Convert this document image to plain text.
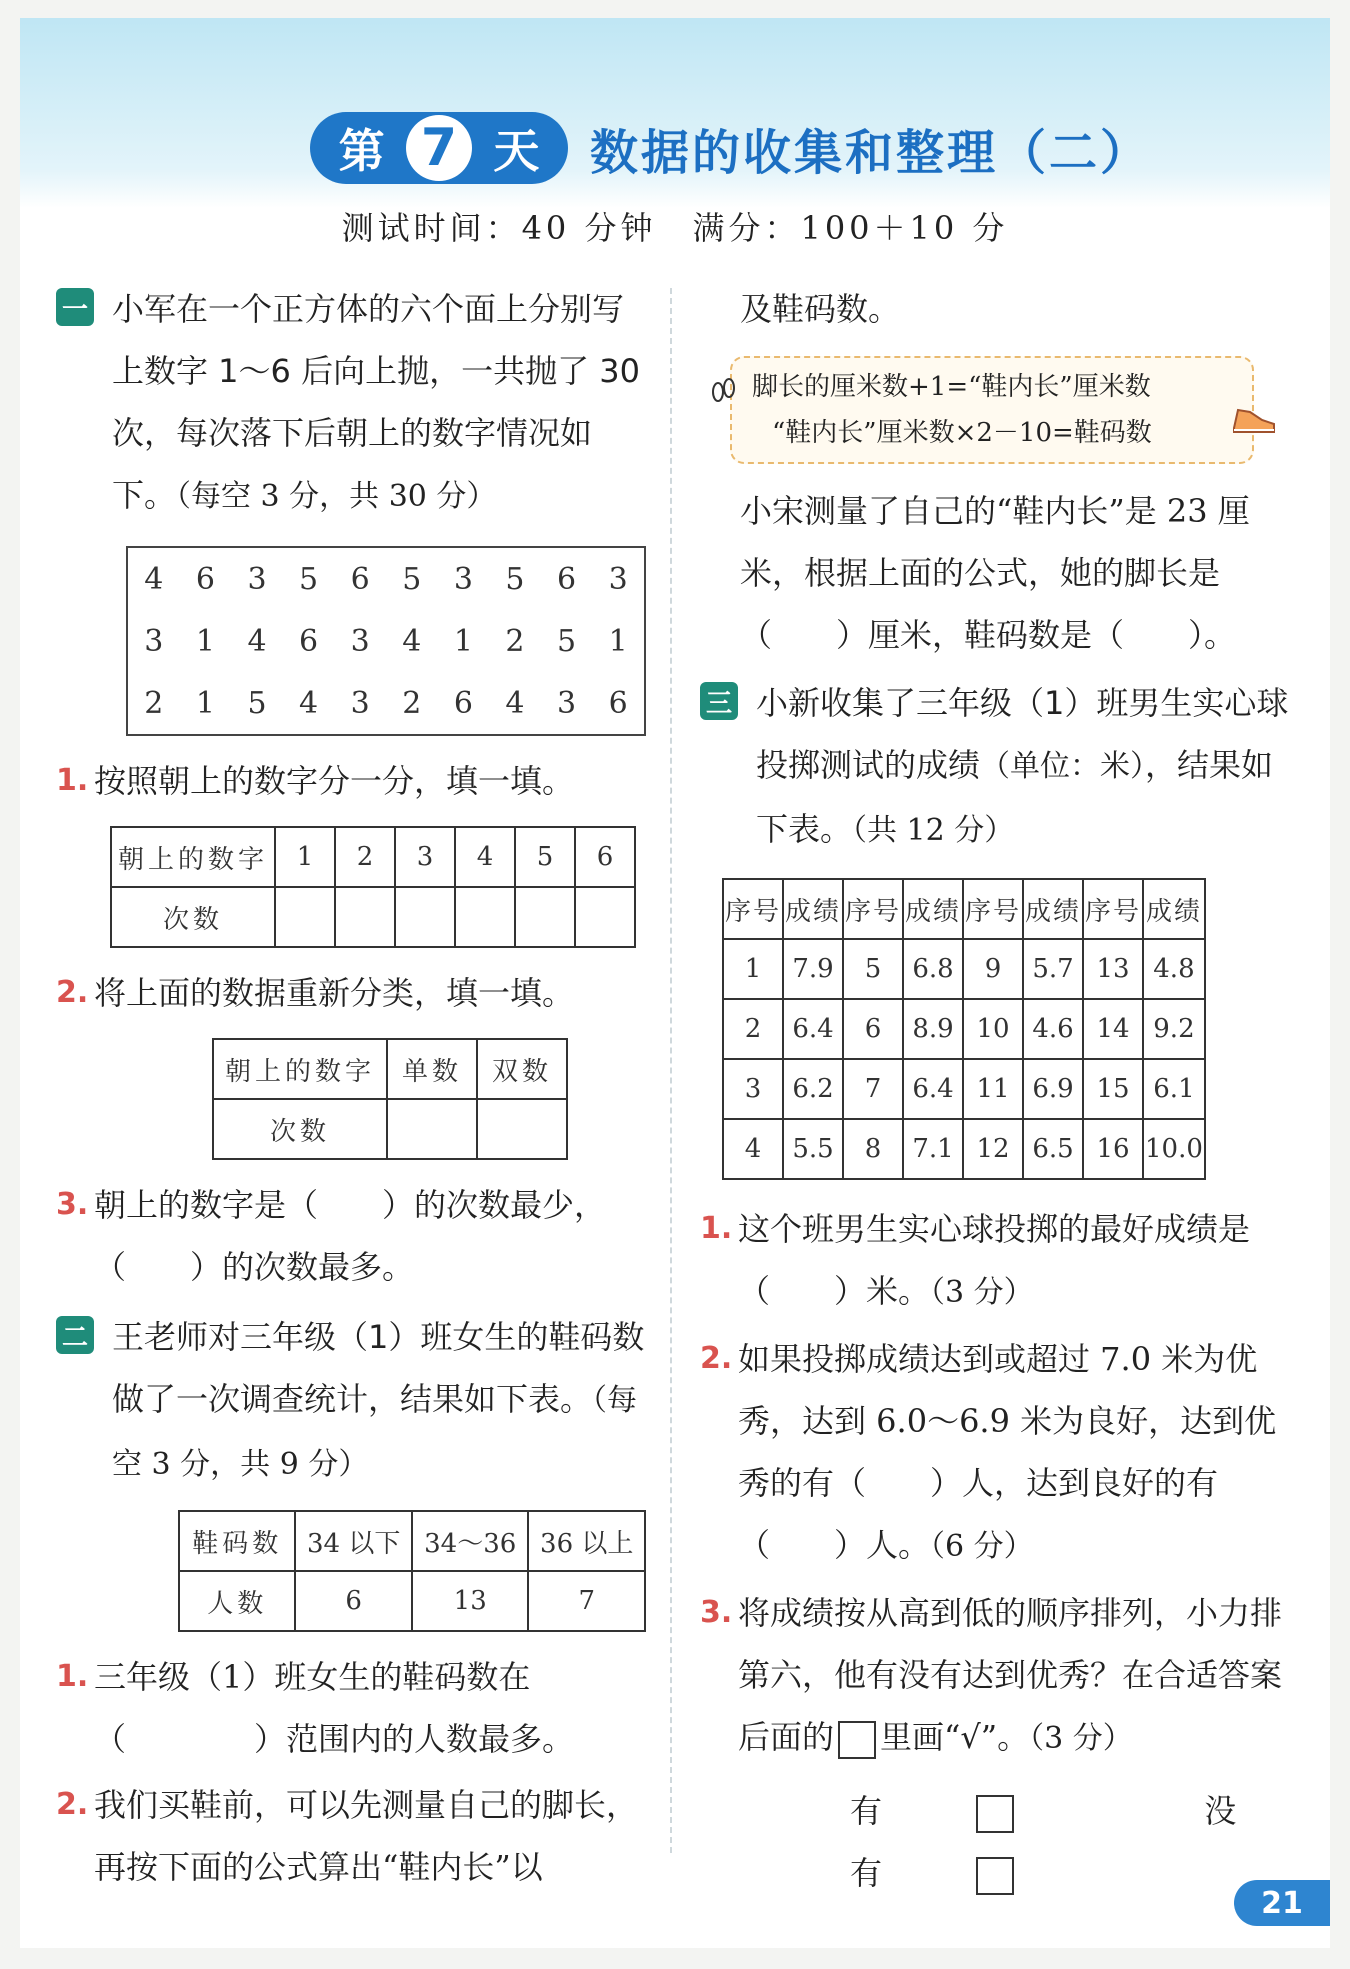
第 7 天 数据的收集和整理（二）
测试时间：40 分钟　满分：100＋10 分
一 小军在一个正方体的六个面上分别写上数字 1～6 后向上抛，一共抛了 30 次，每次落下后朝上的数字情况如下。（每空 3 分，共 30 分）
4	6	3	5	6	5	3	5	6	3
3	1	4	6	3	4	1	2	5	1
2	1	5	4	3	2	6	4	3	6
1. 按照朝上的数字分一分，填一填。
朝上的数字	1	2	3	4	5	6
次数						
2. 将上面的数据重新分类，填一填。
朝上的数字	单数	双数
次数		
3. 朝上的数字是（　　）的次数最少，（　　）的次数最多。
二 王老师对三年级（1）班女生的鞋码数做了一次调查统计，结果如下表。（每空 3 分，共 9 分）
鞋码数	34 以下	34～36	36 以上
人数	6	13	7
1. 三年级（1）班女生的鞋码数在（　　　　）范围内的人数最多。
2. 我们买鞋前，可以先测量自己的脚长，再按下面的公式算出“鞋内长”以
及鞋码数。
脚长的厘米数+1=“鞋内长”厘米数
“鞋内长”厘米数×2－10=鞋码数
小宋测量了自己的“鞋内长”是 23 厘米，根据上面的公式，她的脚长是（　　）厘米，鞋码数是（　　）。
三 小新收集了三年级（1）班男生实心球投掷测试的成绩（单位：米），结果如下表。（共 12 分）
序号	成绩	序号	成绩	序号	成绩	序号	成绩
1	7.9	5	6.8	9	5.7	13	4.8
2	6.4	6	8.9	10	4.6	14	9.2
3	6.2	7	6.4	11	6.9	15	6.1
4	5.5	8	7.1	12	6.5	16	10.0
1. 这个班男生实心球投掷的最好成绩是（　　）米。（3 分）
2. 如果投掷成绩达到或超过 7.0 米为优秀，达到 6.0～6.9 米为良好，达到优秀的有（　　）人，达到良好的有（　　）人。（6 分）
3. 将成绩按从高到低的顺序排列，小力排第六，他有没有达到优秀？在合适答案后面的 里画“√”。（3 分）
有	没有
21
